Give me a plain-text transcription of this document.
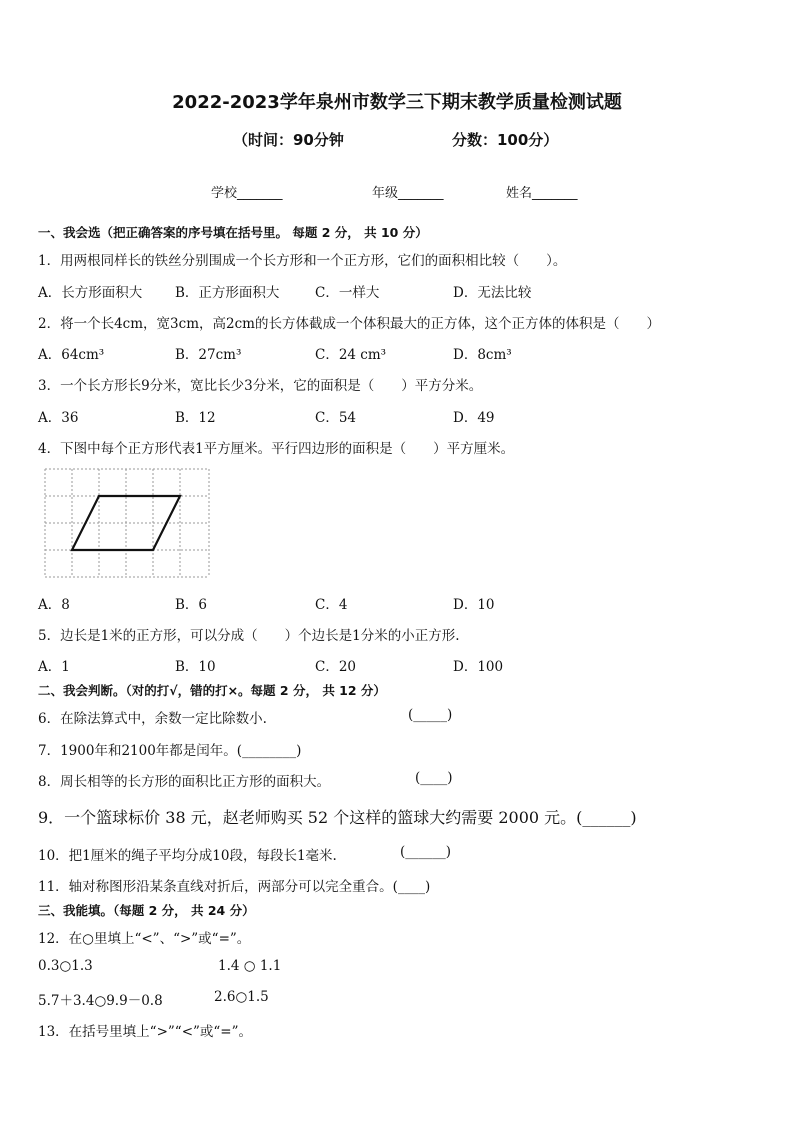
2022-2023学年泉州市数学三下期末教学质量检测试题
（时间：90分钟	分数：100分）
学校_______	年级_______	姓名_______
一、我会选（把正确答案的序号填在括号里。 每题 2 分， 共 10 分）
1．用两根同样长的铁丝分别围成一个长方形和一个正方形，它们的面积相比较（　　）。
A．长方形面积大 B．正方形面积大	C．一样大	D．无法比较
2．将一个长4cm，宽3cm，高2cm的长方体截成一个体积最大的正方体，这个正方体的体积是（　　）
A．64cm³	B．27cm³	C．24 cm³	D．8cm³
3．一个长方形长9分米，宽比长少3分米，它的面积是（　　）平方分米。
A．36	B．12	C．54	D．49
4．下图中每个正方形代表1平方厘米。平行四边形的面积是（　　）平方厘米。
A．8	B．6	C．4	D．10
5．边长是1米的正方形，可以分成（　　）个边长是1分米的小正方形.
A．1	B．10	C．20	D．100
二、我会判断。（对的打√，错的打×。每题 2 分， 共 12 分）
6．在除法算式中，余数一定比除数小.	(_____)
7．1900年和2100年都是闰年。(________)
8．周长相等的长方形的面积比正方形的面积大。	(____)
9．一个篮球标价 38 元，赵老师购买 52 个这样的篮球大约需要 2000 元。(______)
10．把1厘米的绳子平均分成10段，每段长1毫米.	(______)
11．轴对称图形沿某条直线对折后，两部分可以完全重合。(____)
三、我能填。（每题 2 分， 共 24 分）
12．在○里填上“<”、“>”或“=”。
0.3○1.3	1.4 ○ 1.1
5.7＋3.4○9.9－0.8	2.6○1.5
13．在括号里填上“>”“<”或“=”。
